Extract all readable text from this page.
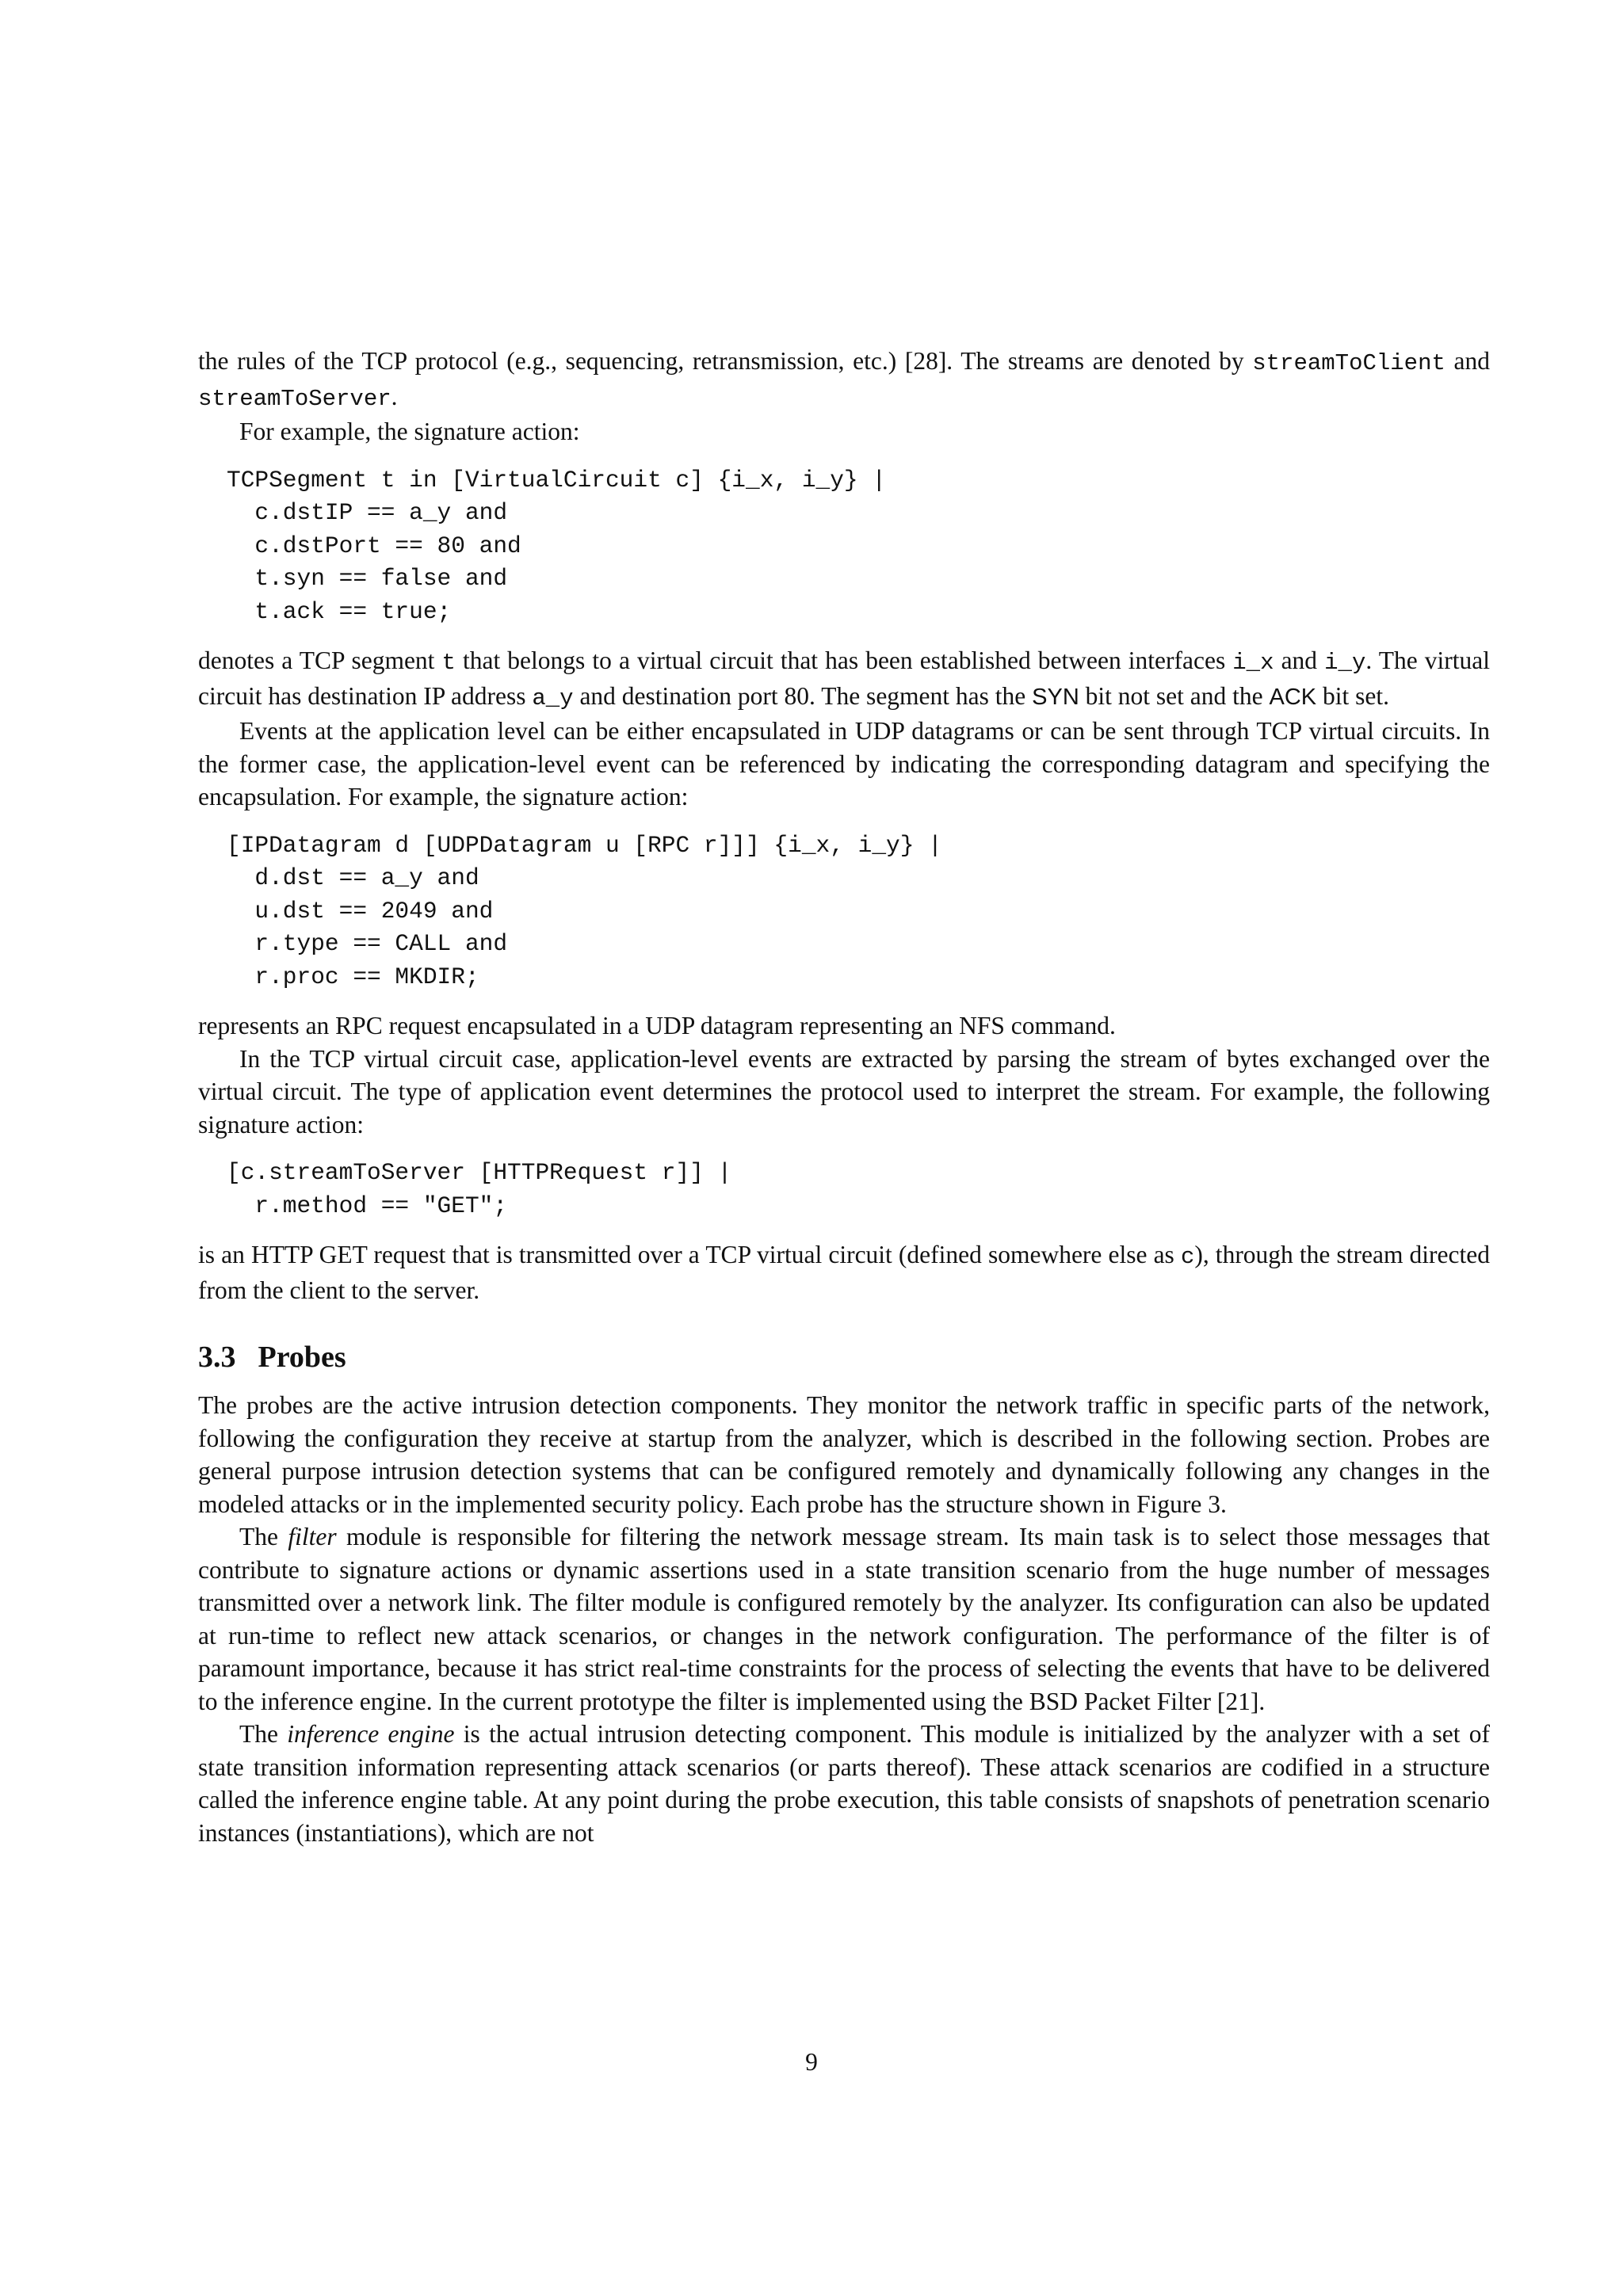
the rules of the TCP protocol (e.g., sequencing, retransmission, etc.) [28]. The streams are denoted by streamToClient and streamToServer.

For example, the signature action:

TCPSegment t in [VirtualCircuit c] {i_x, i_y} |
c.dstIP == a_y and
c.dstPort == 80 and
t.syn == false and
t.ack == true;

denotes a TCP segment t that belongs to a virtual circuit that has been established between interfaces i_x and i_y. The virtual circuit has destination IP address a_y and destination port 80. The segment has the SYN bit not set and the ACK bit set.

Events at the application level can be either encapsulated in UDP datagrams or can be sent through TCP virtual circuits. In the former case, the application-level event can be referenced by indicating the corresponding datagram and specifying the encapsulation. For example, the signature action:

[IPDatagram d [UDPDatagram u [RPC r]]] {i_x, i_y} |
d.dst == a_y and
u.dst == 2049 and
r.type == CALL and
r.proc == MKDIR;

represents an RPC request encapsulated in a UDP datagram representing an NFS command.

In the TCP virtual circuit case, application-level events are extracted by parsing the stream of bytes exchanged over the virtual circuit. The type of application event determines the protocol used to interpret the stream. For example, the following signature action:

[c.streamToServer [HTTPRequest r]] |
r.method == "GET";

is an HTTP GET request that is transmitted over a TCP virtual circuit (defined somewhere else as c), through the stream directed from the client to the server.

3.3 Probes

The probes are the active intrusion detection components. They monitor the network traffic in specific parts of the network, following the configuration they receive at startup from the analyzer, which is described in the following section. Probes are general purpose intrusion detection systems that can be configured remotely and dynamically following any changes in the modeled attacks or in the implemented security policy. Each probe has the structure shown in Figure 3.

The filter module is responsible for filtering the network message stream. Its main task is to select those messages that contribute to signature actions or dynamic assertions used in a state transition scenario from the huge number of messages transmitted over a network link. The filter module is configured remotely by the analyzer. Its configuration can also be updated at run-time to reflect new attack scenarios, or changes in the network configuration. The performance of the filter is of paramount importance, because it has strict real-time constraints for the process of selecting the events that have to be delivered to the inference engine. In the current prototype the filter is implemented using the BSD Packet Filter [21].

The inference engine is the actual intrusion detecting component. This module is initialized by the analyzer with a set of state transition information representing attack scenarios (or parts thereof). These attack scenarios are codified in a structure called the inference engine table. At any point during the probe execution, this table consists of snapshots of penetration scenario instances (instantiations), which are not

9
